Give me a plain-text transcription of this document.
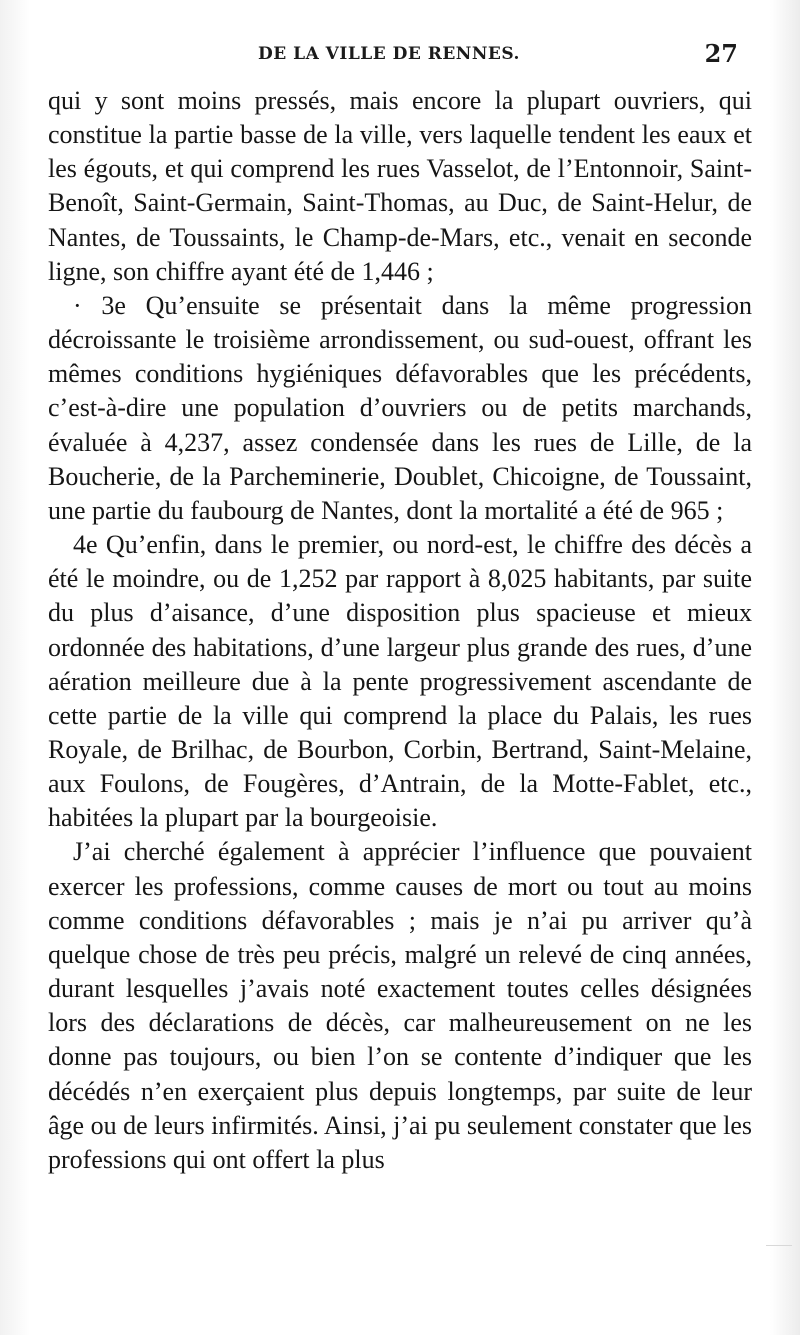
DE LA VILLE DE RENNES.	27

qui y sont moins pressés, mais encore la plupart ouvriers, qui constitue la partie basse de la ville, vers laquelle tendent les eaux et les égouts, et qui comprend les rues Vasselot, de l’Entonnoir, Saint-Benoît, Saint-Germain, Saint-Thomas, au Duc, de Saint-Helur, de Nantes, de Toussaints, le Champ-de-Mars, etc., venait en seconde ligne, son chiffre ayant été de 1,446 ;

· 3e Qu’ensuite se présentait dans la même progression décroissante le troisième arrondissement, ou sud-ouest, offrant les mêmes conditions hygiéniques défavorables que les précédents, c’est-à-dire une population d’ouvriers ou de petits marchands, évaluée à 4,237, assez condensée dans les rues de Lille, de la Boucherie, de la Parcheminerie, Doublet, Chicoigne, de Toussaint, une partie du faubourg de Nantes, dont la mortalité a été de 965 ;

4e Qu’enfin, dans le premier, ou nord-est, le chiffre des décès a été le moindre, ou de 1,252 par rapport à 8,025 habitants, par suite du plus d’aisance, d’une disposition plus spacieuse et mieux ordonnée des habitations, d’une largeur plus grande des rues, d’une aération meilleure due à la pente progressivement ascendante de cette partie de la ville qui comprend la place du Palais, les rues Royale, de Brilhac, de Bourbon, Corbin, Bertrand, Saint-Melaine, aux Foulons, de Fougères, d’Antrain, de la Motte-Fablet, etc., habitées la plupart par la bourgeoisie.

J’ai cherché également à apprécier l’influence que pouvaient exercer les professions, comme causes de mort ou tout au moins comme conditions défavorables ; mais je n’ai pu arriver qu’à quelque chose de très peu précis, malgré un relevé de cinq années, durant lesquelles j’avais noté exactement toutes celles désignées lors des déclarations de décès, car malheureusement on ne les donne pas toujours, ou bien l’on se contente d’indiquer que les décédés n’en exerçaient plus depuis longtemps, par suite de leur âge ou de leurs infirmités. Ainsi, j’ai pu seulement constater que les professions qui ont offert la plus
